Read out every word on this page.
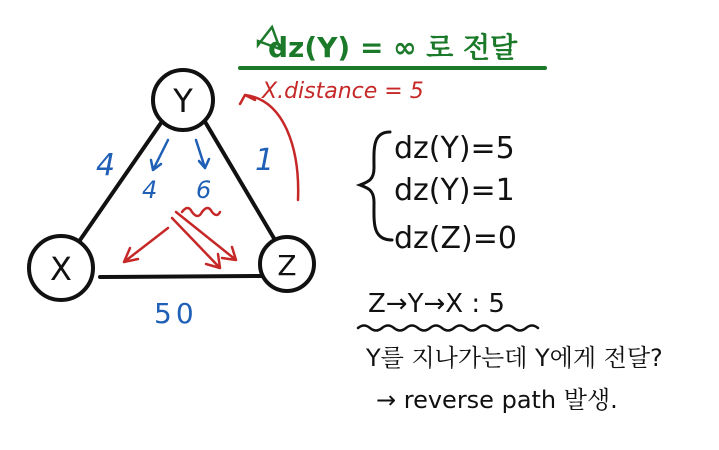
Y
X	Z
4	1
50
4 6
dz(Y) = ∞ 로 전달
X.distance = 5
dz(Y)=5
dz(Y)=1
dz(Z)=0
Z→Y→X : 5
Y를 지나가는데 Y에게 전달?
→ reverse path 발생.
